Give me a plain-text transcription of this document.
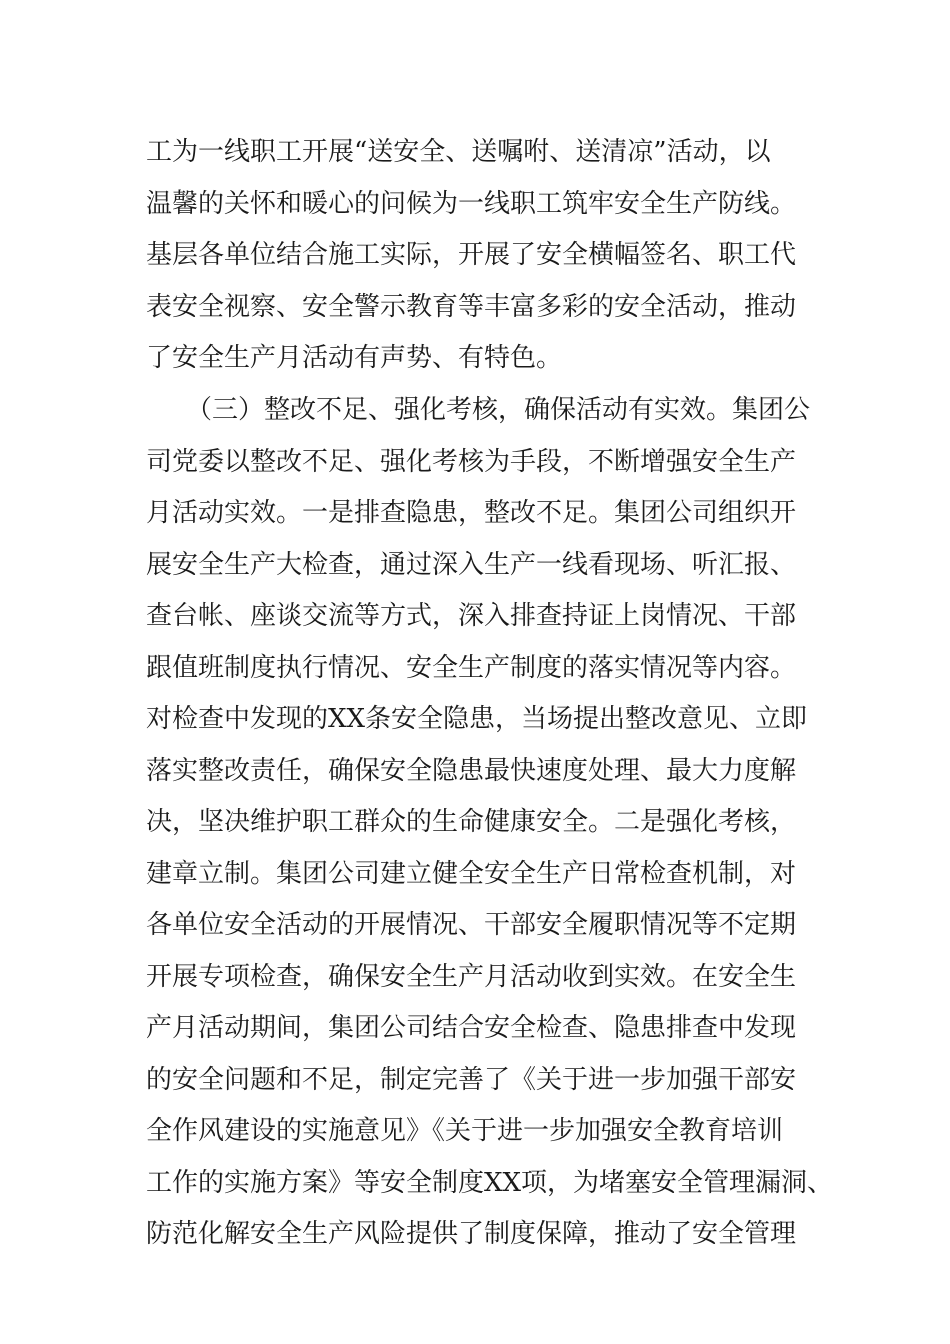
工为一线职工开展“送安全、送嘱咐、送清凉”活动，以
温馨的关怀和暖心的问候为一线职工筑牢安全生产防线。
基层各单位结合施工实际，开展了安全横幅签名、职工代
表安全视察、安全警示教育等丰富多彩的安全活动，推动
了安全生产月活动有声势、有特色。
（三）整改不足、强化考核，确保活动有实效。集团公
司党委以整改不足、强化考核为手段，不断增强安全生产
月活动实效。一是排查隐患，整改不足。集团公司组织开
展安全生产大检查，通过深入生产一线看现场、听汇报、
查台帐、座谈交流等方式，深入排查持证上岗情况、干部
跟值班制度执行情况、安全生产制度的落实情况等内容。
对检查中发现的XX条安全隐患，当场提出整改意见、立即
落实整改责任，确保安全隐患最快速度处理、最大力度解
决，坚决维护职工群众的生命健康安全。二是强化考核，
建章立制。集团公司建立健全安全生产日常检查机制，对
各单位安全活动的开展情况、干部安全履职情况等不定期
开展专项检查，确保安全生产月活动收到实效。在安全生
产月活动期间，集团公司结合安全检查、隐患排查中发现
的安全问题和不足，制定完善了《关于进一步加强干部安
全作风建设的实施意见》《关于进一步加强安全教育培训
工作的实施方案》等安全制度XX项，为堵塞安全管理漏洞、
防范化解安全生产风险提供了制度保障，推动了安全管理
